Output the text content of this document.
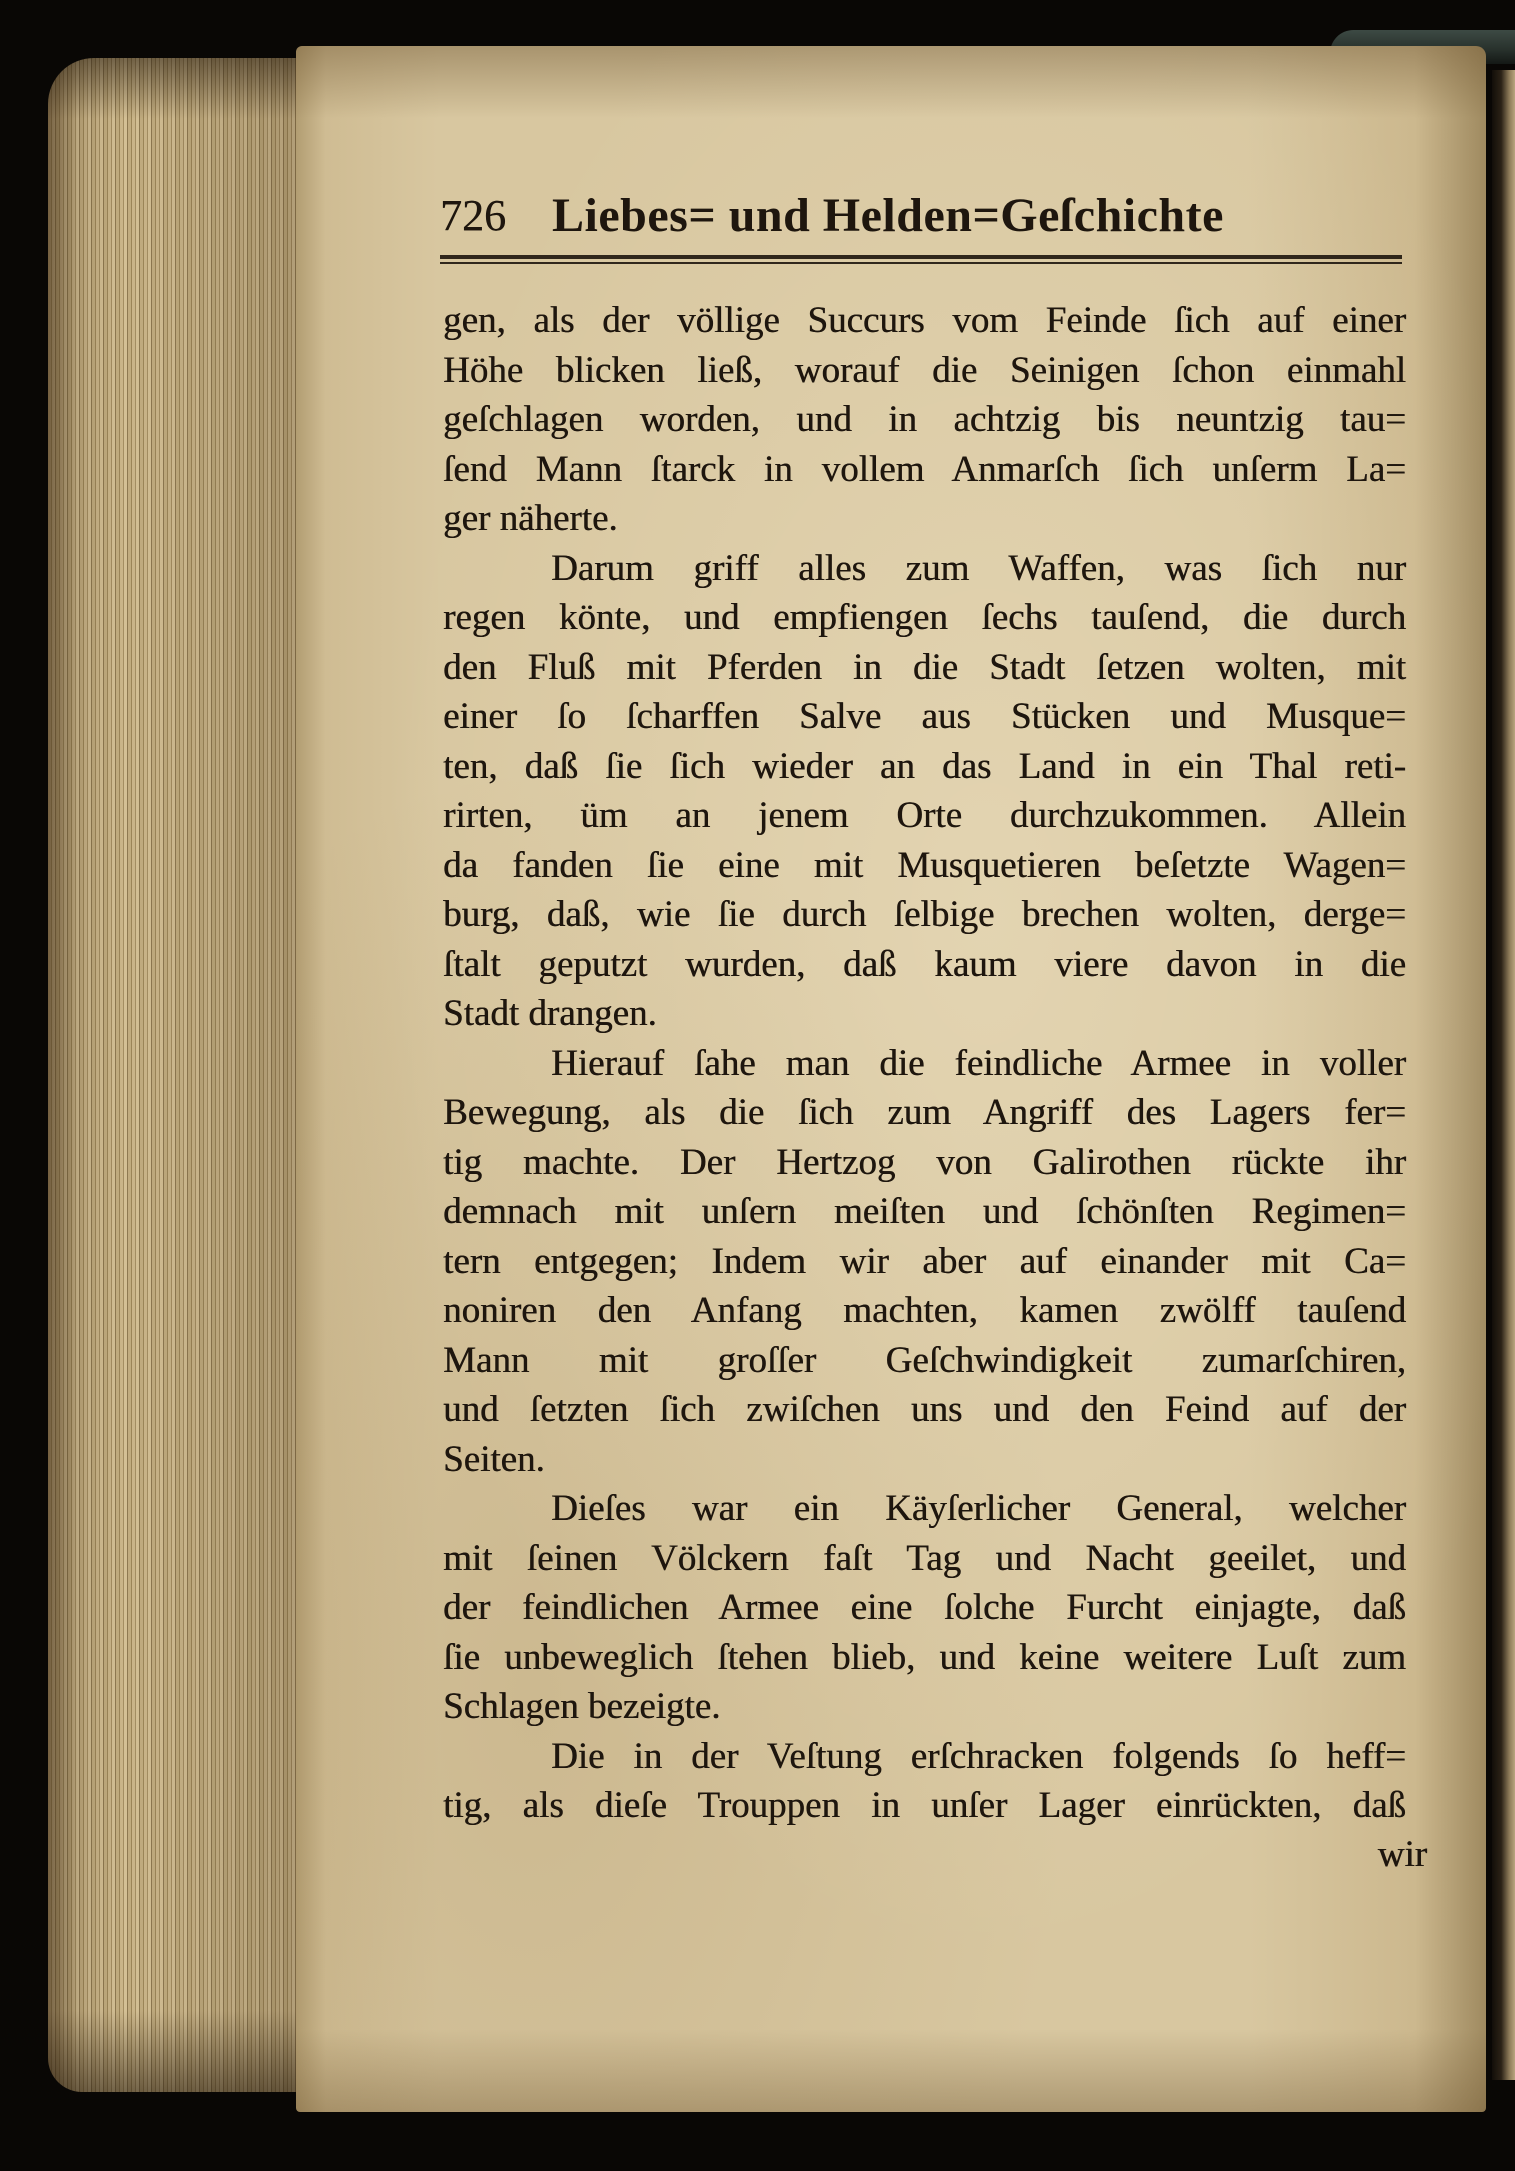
726 Liebes= und Helden=Geſchichte
gen, als der völlige Succurs vom Feinde ſich auf einer
Höhe blicken ließ, worauf die Seinigen ſchon einmahl
geſchlagen worden, und in achtzig bis neuntzig tau=
ſend Mann ſtarck in vollem Anmarſch ſich unſerm La=
ger näherte.
Darum griff alles zum Waffen, was ſich nur
regen könte, und empfiengen ſechs tauſend, die durch
den Fluß mit Pferden in die Stadt ſetzen wolten, mit
einer ſo ſcharffen Salve aus Stücken und Musque=
ten, daß ſie ſich wieder an das Land in ein Thal reti-
rirten, üm an jenem Orte durchzukommen. Allein
da fanden ſie eine mit Musquetieren beſetzte Wagen=
burg, daß, wie ſie durch ſelbige brechen wolten, derge=
ſtalt geputzt wurden, daß kaum viere davon in die
Stadt drangen.
Hierauf ſahe man die feindliche Armee in voller
Bewegung, als die ſich zum Angriff des Lagers fer=
tig machte. Der Hertzog von Galirothen rückte ihr
demnach mit unſern meiſten und ſchönſten Regimen=
tern entgegen; Indem wir aber auf einander mit Ca=
noniren den Anfang machten, kamen zwölff tauſend
Mann mit groſſer Geſchwindigkeit zumarſchiren,
und ſetzten ſich zwiſchen uns und den Feind auf der
Seiten.
Dieſes war ein Käyſerlicher General, welcher
mit ſeinen Völckern faſt Tag und Nacht geeilet, und
der feindlichen Armee eine ſolche Furcht einjagte, daß
ſie unbeweglich ſtehen blieb, und keine weitere Luſt zum
Schlagen bezeigte.
Die in der Veſtung erſchracken folgends ſo heff=
tig, als dieſe Trouppen in unſer Lager einrückten, daß
wir
